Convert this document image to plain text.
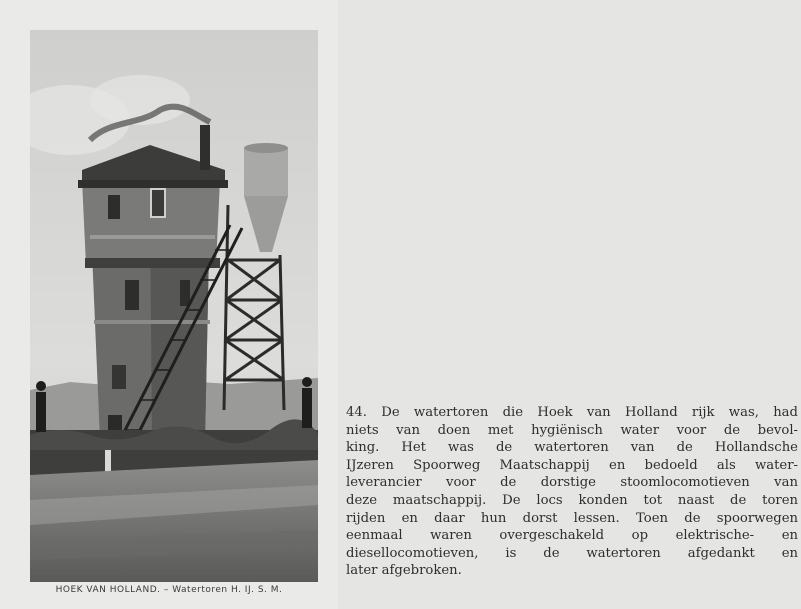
HOEK VAN HOLLAND. – Watertoren H. IJ. S. M.
44. De watertoren die Hoek van Holland rijk was, had
niets van doen met hygiënisch water voor de bevol-
king. Het was de watertoren van de Hollandsche
IJzeren Spoorweg Maatschappij en bedoeld als water-
leverancier voor de dorstige stoomlocomotieven van
deze maatschappij. De locs konden tot naast de toren
rijden en daar hun dorst lessen. Toen de spoorwegen
eenmaal waren overgeschakeld op elektrische- en
diesellocomotieven, is de watertoren afgedankt en
later afgebroken.
